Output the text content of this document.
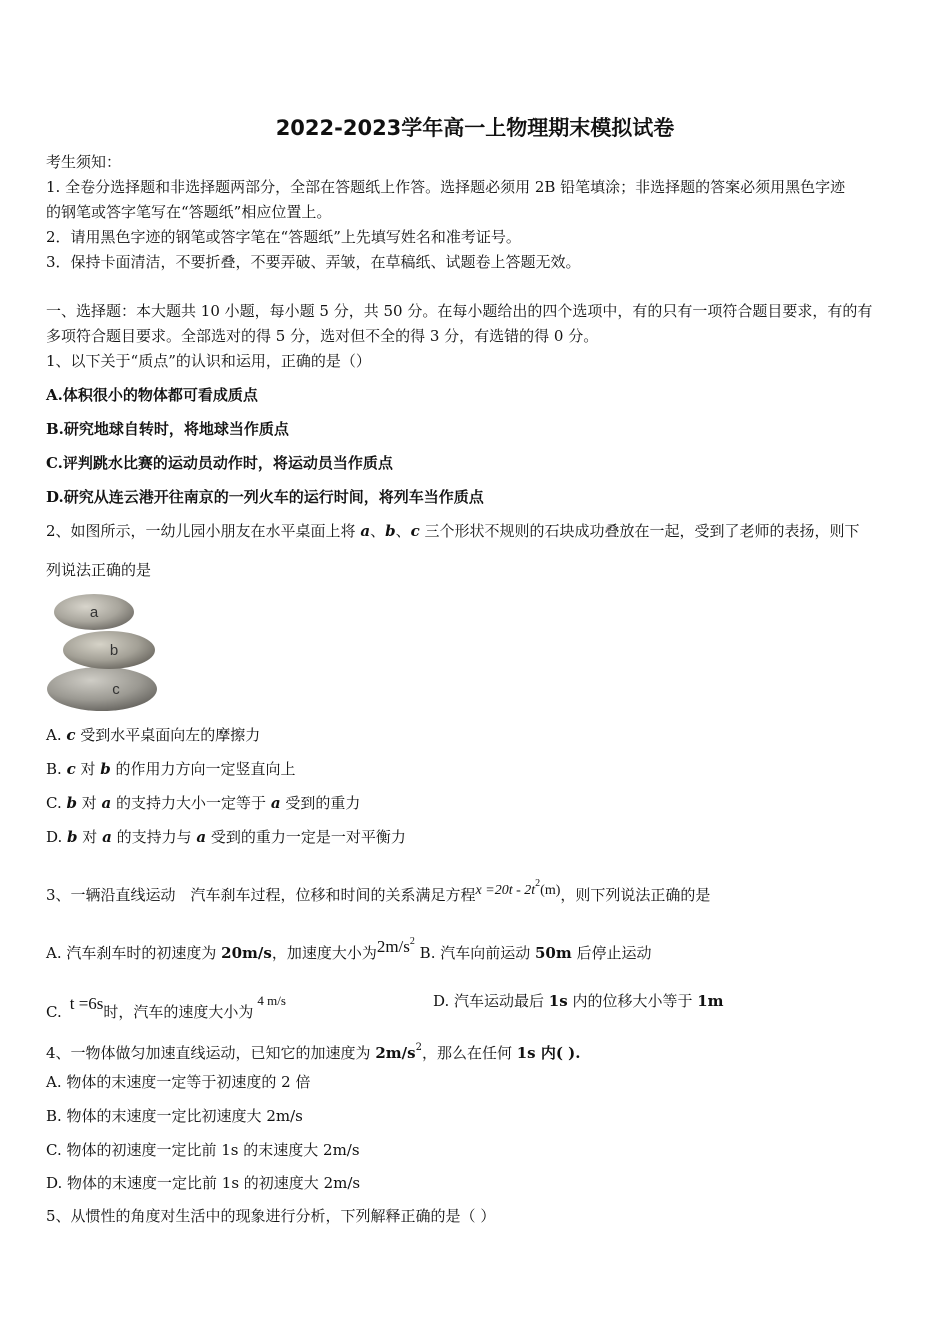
2022-2023学年高一上物理期末模拟试卷
考生须知：
1. 全卷分选择题和非选择题两部分，全部在答题纸上作答。选择题必须用 2B 铅笔填涂；非选择题的答案必须用黑色字迹
的钢笔或答字笔写在“答题纸”相应位置上。
2．请用黑色字迹的钢笔或答字笔在“答题纸”上先填写姓名和准考证号。
3．保持卡面清洁，不要折叠，不要弄破、弄皱，在草稿纸、试题卷上答题无效。
一、选择题：本大题共 10 小题，每小题 5 分，共 50 分。在每小题给出的四个选项中，有的只有一项符合题目要求，有的有
多项符合题目要求。全部选对的得 5 分，选对但不全的得 3 分，有选错的得 0 分。
1、以下关于“质点”的认识和运用，正确的是（）
A.体积很小的物体都可看成质点
B.研究地球自转时，将地球当作质点
C.评判跳水比赛的运动员动作时，将运动员当作质点
D.研究从连云港开往南京的一列火车的运行时间，将列车当作质点
2、如图所示，一幼儿园小朋友在水平桌面上将 a、b、c 三个形状不规则的石块成功叠放在一起，受到了老师的表扬，则下
列说法正确的是
a
b
c
A. c 受到水平桌面向左的摩擦力
B. c 对 b 的作用力方向一定竖直向上
C. b 对 a 的支持力大小一定等于 a 受到的重力
D. b 对 a 的支持力与 a 受到的重力一定是一对平衡力
3、一辆沿直线运动　汽车刹车过程，位移和时间的关系满足方程$x =20t - 2t^2(m)$，则下列说法正确的是
A. 汽车刹车时的初速度为 20m/s，加速度大小为$2m/s^2$ B. 汽车向前运动 50m 后停止运动
C. t =6s时，汽车的速度大小为4 m/s	D. 汽车运动最后 1s 内的位移大小等于 1m
4、一物体做匀加速直线运动，已知它的加速度为 $2m/s^2$，那么在任何 1s 内( ).
A. 物体的末速度一定等于初速度的 2 倍
B. 物体的末速度一定比初速度大 2m/s
C. 物体的初速度一定比前 1s 的末速度大 2m/s
D. 物体的末速度一定比前 1s 的初速度大 2m/s
5、从惯性的角度对生活中的现象进行分析，下列解释正确的是（ ）
